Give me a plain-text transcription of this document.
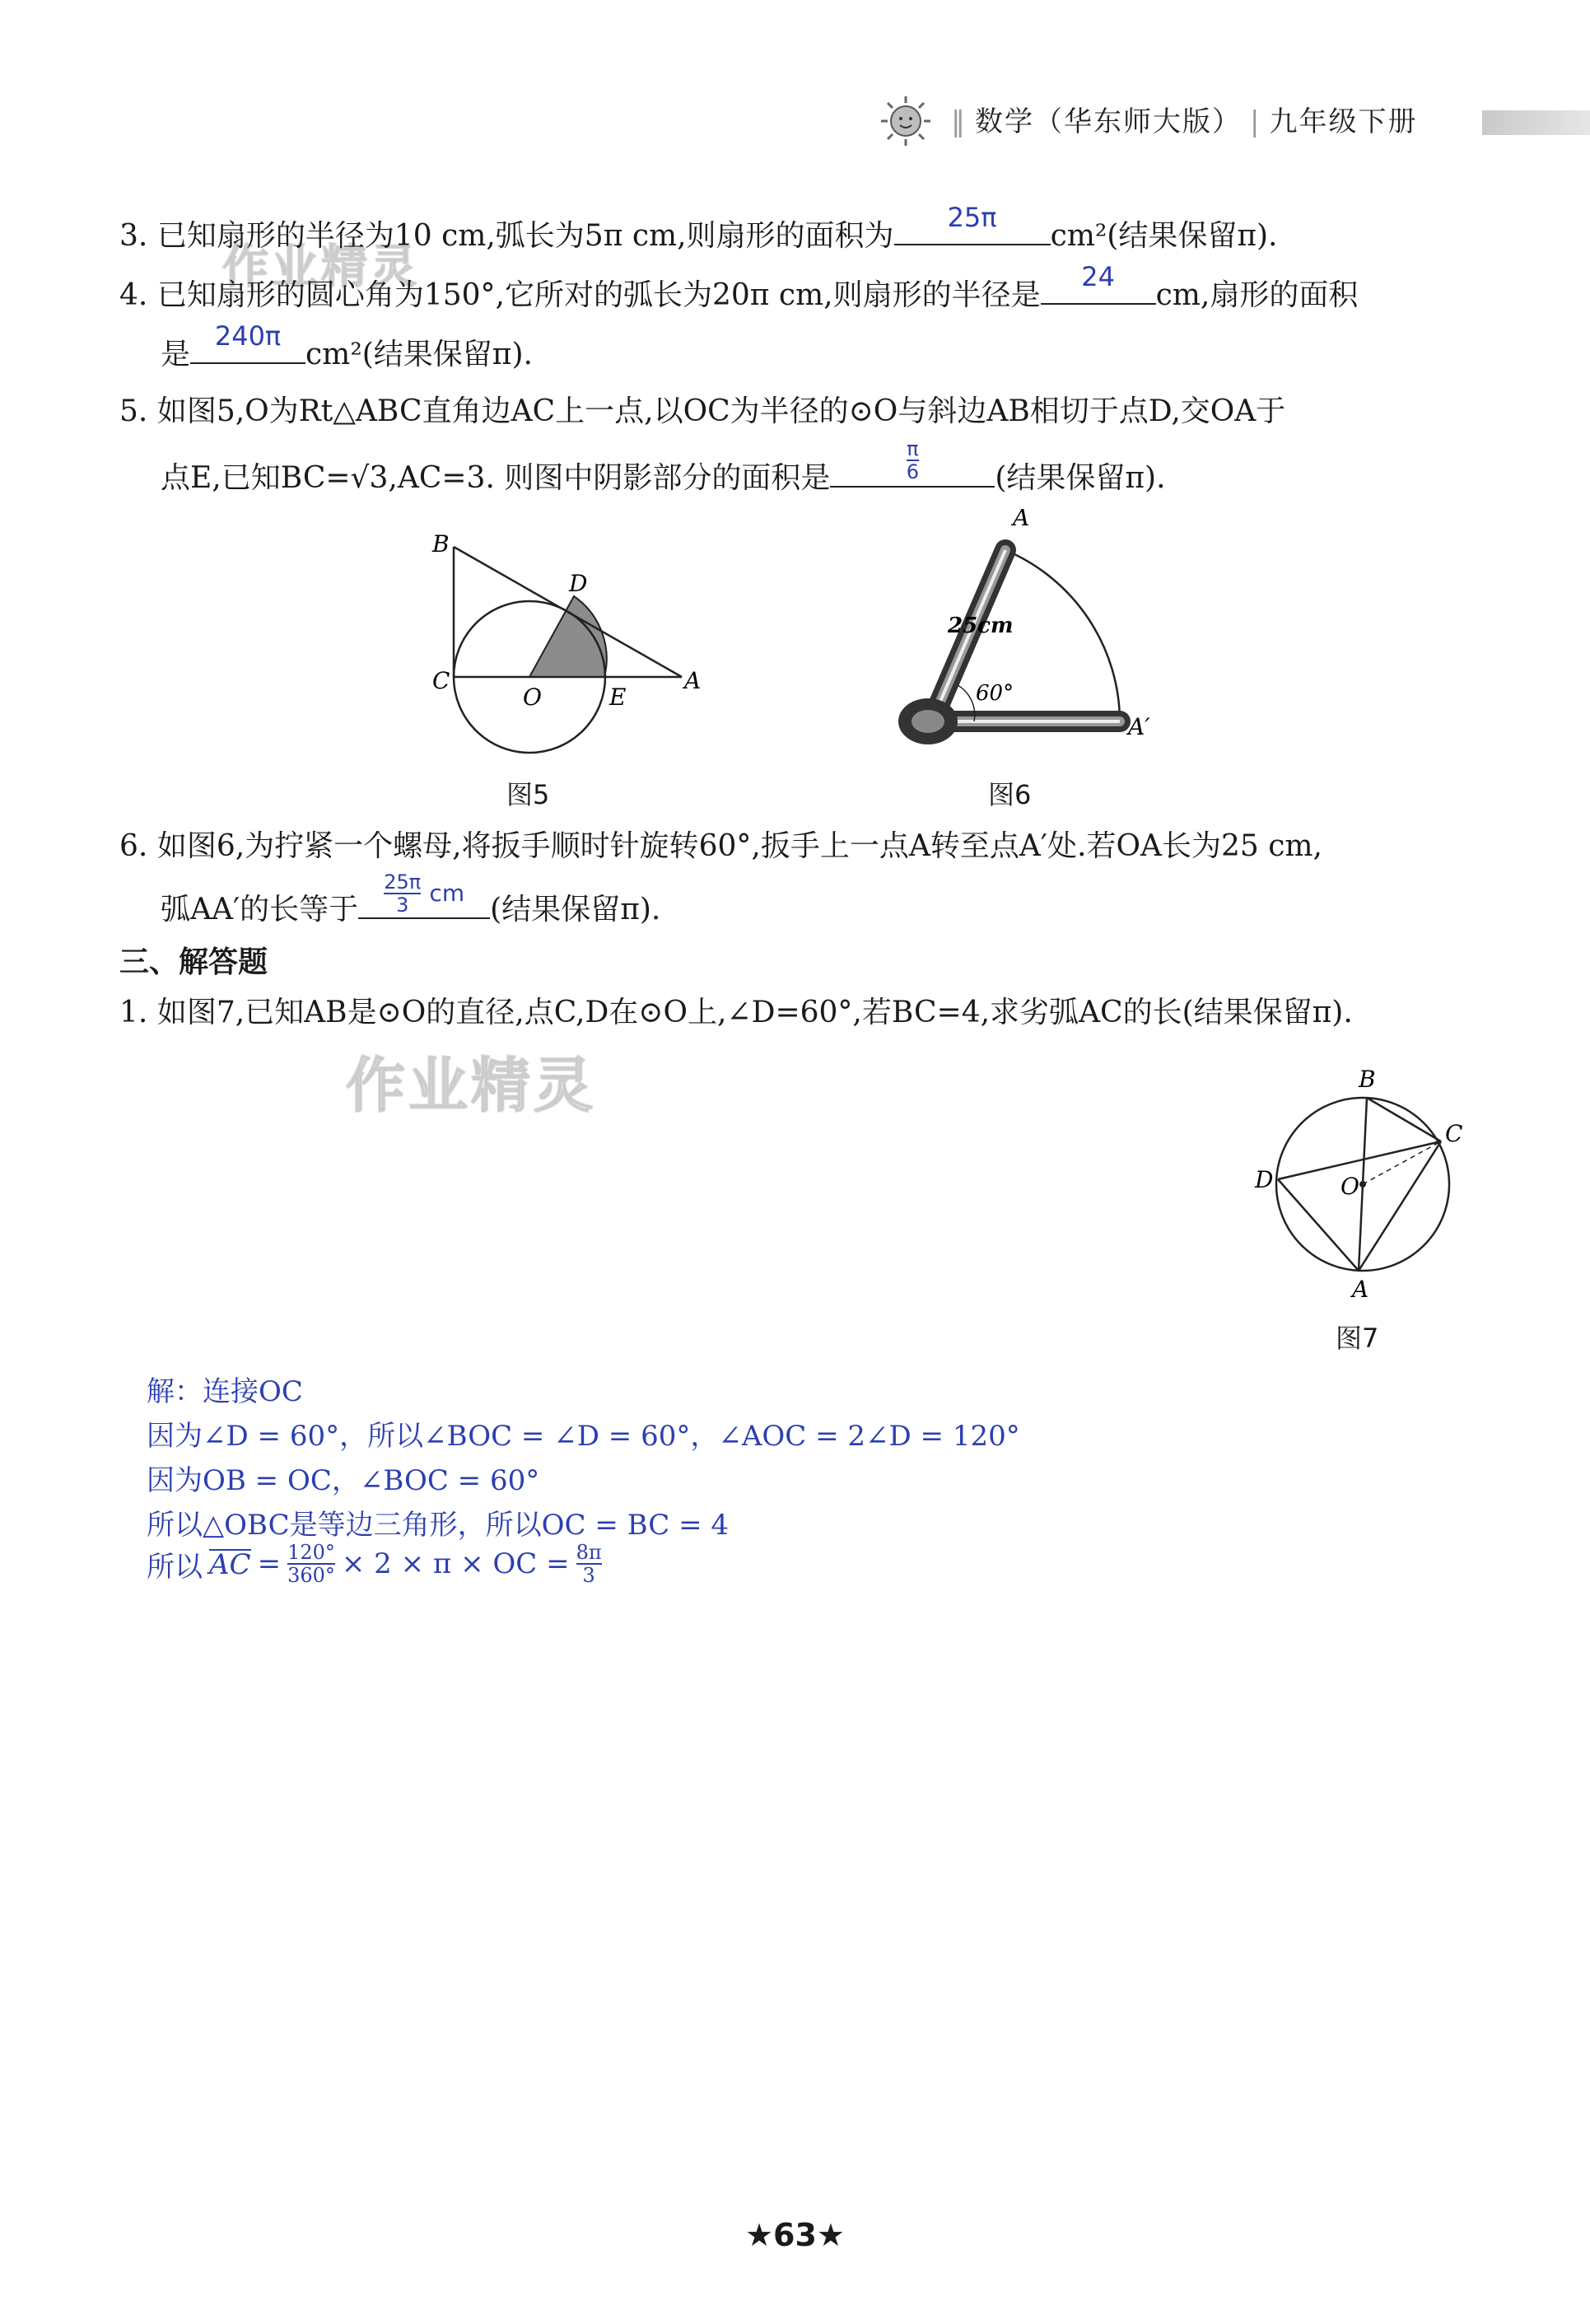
‖ 数学（华东师大版） | 九年级下册
作业精灵
作业精灵
3. 已知扇形的半径为10 cm,弧长为5π cm,则扇形的面积为
25π
cm²(结果保留π).
4. 已知扇形的圆心角为150°,它所对的弧长为20π cm,则扇形的半径是
24
cm,扇形的面积
是
240π
cm²(结果保留π).
5. 如图5,O为Rt△ABC直角边AC上一点,以OC为半径的⊙O与斜边AB相切于点D,交OA于
点E,已知BC=√3,AC=3. 则图中阴影部分的面积是	$\frac{\pi}{6}$	(结果保留π).
B
D
C
O	E
A
图5
A
25cm
60°
A′
图6
6. 如图6,为拧紧一个螺母,将扳手顺时针旋转60°,扳手上一点A转至点A′处.若OA长为25 cm,
弧AA′的长等于 $\frac{25\pi}{3}$ cm (结果保留π).
三、解答题
1. 如图7,已知AB是⊙O的直径,点C,D在⊙O上,∠D=60°,若BC=4,求劣弧AC的长(结果保留π).
B
C
D	O
A
图7
解：连接OC
因为∠D = 60°，所以∠BOC = ∠D = 60°，∠AOC = 2∠D = 120°
因为OB = OC，∠BOC = 60°
所以△OBC是等边三角形，所以OC = BC = 4
所以 AC = $\frac{120^\circ}{360^\circ} \times 2 \times \pi$ × OC = $\frac{8\pi}{3}$
★63★
